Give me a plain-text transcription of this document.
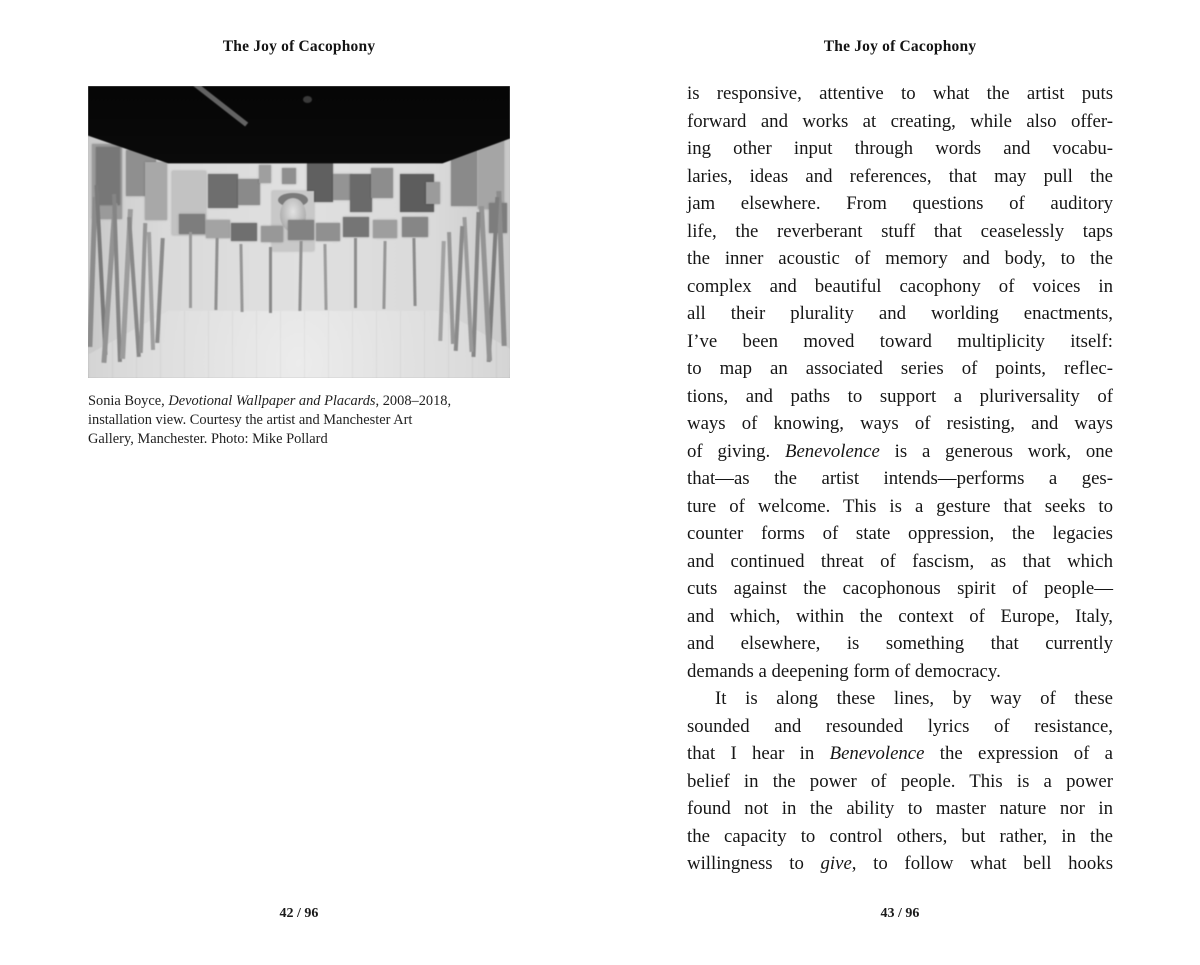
The Joy of Cacophony	The Joy of Cacophony
Sonia Boyce, Devotional Wallpaper and Placards, 2008–2018,
installation view. Courtesy the artist and Manchester Art
Gallery, Manchester. Photo: Mike Pollard
is responsive, attentive to what the artist puts
forward and works at creating, while also offer-
ing other input through words and vocabu-
laries, ideas and references, that may pull the
jam elsewhere. From questions of auditory
life, the reverberant stuff that ceaselessly taps
the inner acoustic of memory and body, to the
complex and beautiful cacophony of voices in
all their plurality and worlding enactments,
I’ve been moved toward multiplicity itself:
to map an associated series of points, reflec-
tions, and paths to support a pluriversality of
ways of knowing, ways of resisting, and ways
of giving. Benevolence is a generous work, one
that—as the artist intends—performs a ges-
ture of welcome. This is a gesture that seeks to
counter forms of state oppression, the legacies
and continued threat of fascism, as that which
cuts against the cacophonous spirit of people—
and which, within the context of Europe, Italy,
and elsewhere, is something that currently
demands a deepening form of democracy.
It is along these lines, by way of these
sounded and resounded lyrics of resistance,
that I hear in Benevolence the expression of a
belief in the power of people. This is a power
found not in the ability to master nature nor in
the capacity to control others, but rather, in the
willingness to give, to follow what bell hooks
42 / 96	43 / 96
